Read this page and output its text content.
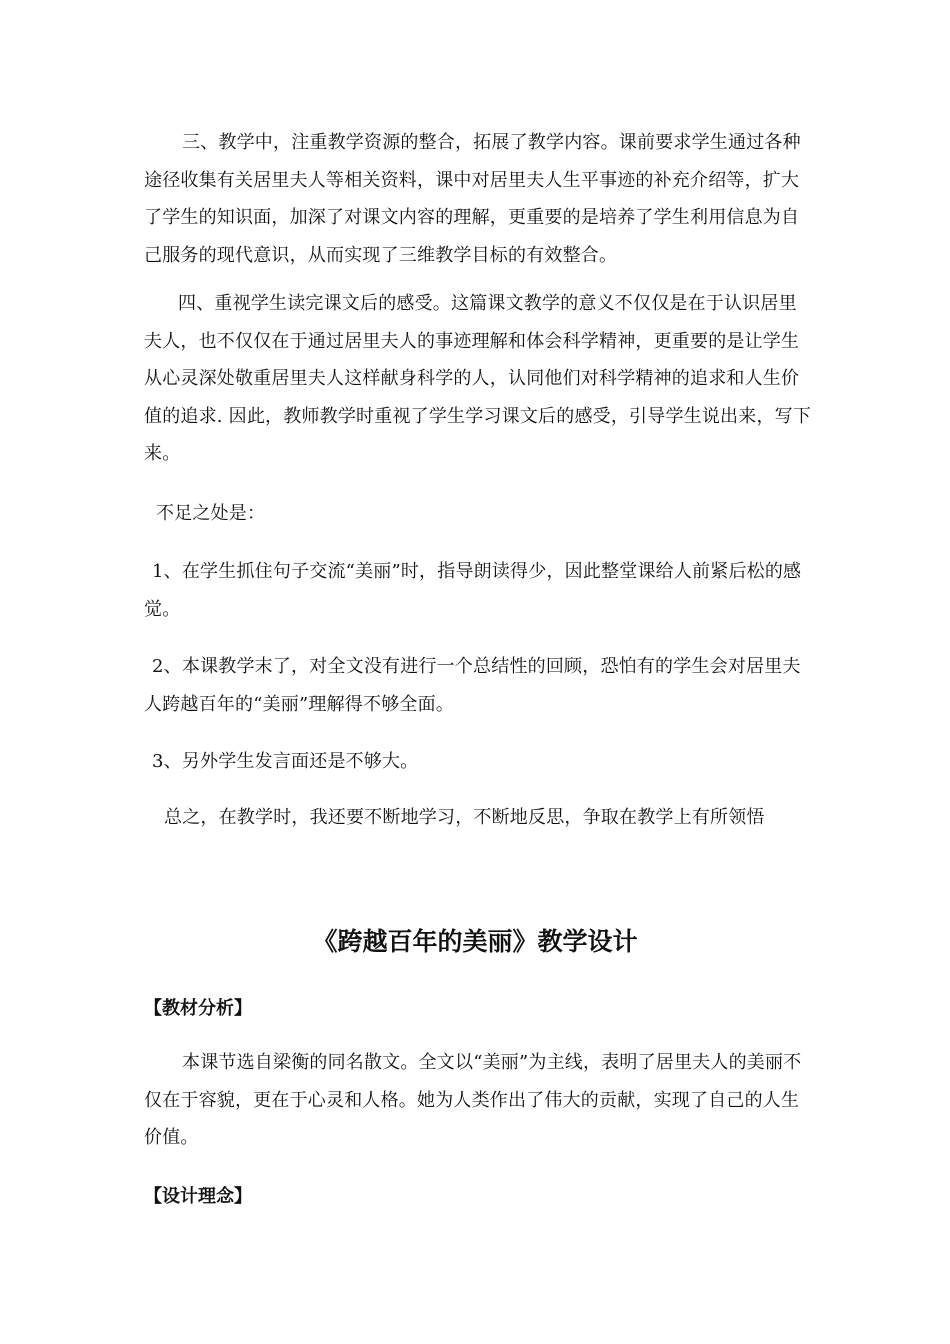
三、教学中，注重教学资源的整合，拓展了教学内容。课前要求学生通过各种途径收集有关居里夫人等相关资料，课中对居里夫人生平事迹的补充介绍等，扩大了学生的知识面，加深了对课文内容的理解，更重要的是培养了学生利用信息为自己服务的现代意识，从而实现了三维教学目标的有效整合。

四、重视学生读完课文后的感受。这篇课文教学的意义不仅仅是在于认识居里夫人，也不仅仅在于通过居里夫人的事迹理解和体会科学精神，更重要的是让学生从心灵深处敬重居里夫人这样献身科学的人，认同他们对科学精神的追求和人生价值的追求. 因此，教师教学时重视了学生学习课文后的感受，引导学生说出来，写下来。

不足之处是：

1、在学生抓住句子交流“美丽”时，指导朗读得少，因此整堂课给人前紧后松的感觉。

2、本课教学末了，对全文没有进行一个总结性的回顾，恐怕有的学生会对居里夫人跨越百年的“美丽”理解得不够全面。

3、另外学生发言面还是不够大。

总之，在教学时，我还要不断地学习，不断地反思，争取在教学上有所领悟

《跨越百年的美丽》教学设计

【教材分析】

本课节选自梁衡的同名散文。全文以“美丽”为主线，表明了居里夫人的美丽不仅在于容貌，更在于心灵和人格。她为人类作出了伟大的贡献，实现了自己的人生价值。

【设计理念】
